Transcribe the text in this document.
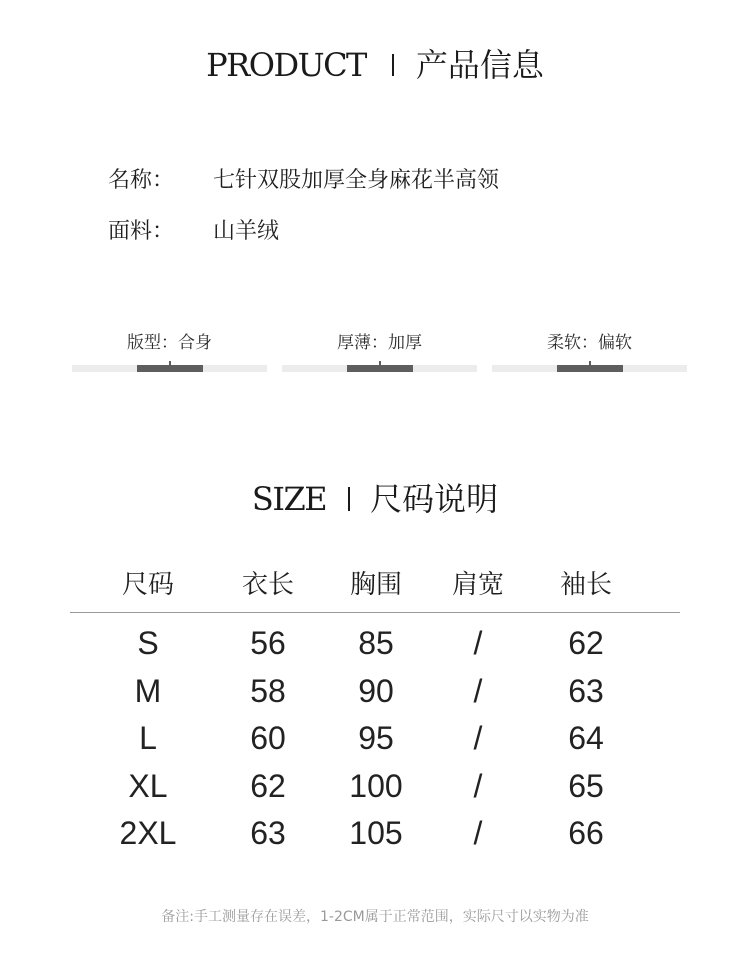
PRODUCT 产品信息
名称： 七针双股加厚全身麻花半高领
面料： 山羊绒
版型：合身	厚薄：加厚	柔软：偏软
SIZE 尺码说明
尺码	衣长	胸围	肩宽	袖长
S	56	85	/	62
M	58	90	/	63
L	60	95	/	64
XL	62	100	/	65
2XL	63	105	/	66
备注:手工测量存在误差，1-2CM属于正常范围，实际尺寸以实物为准
